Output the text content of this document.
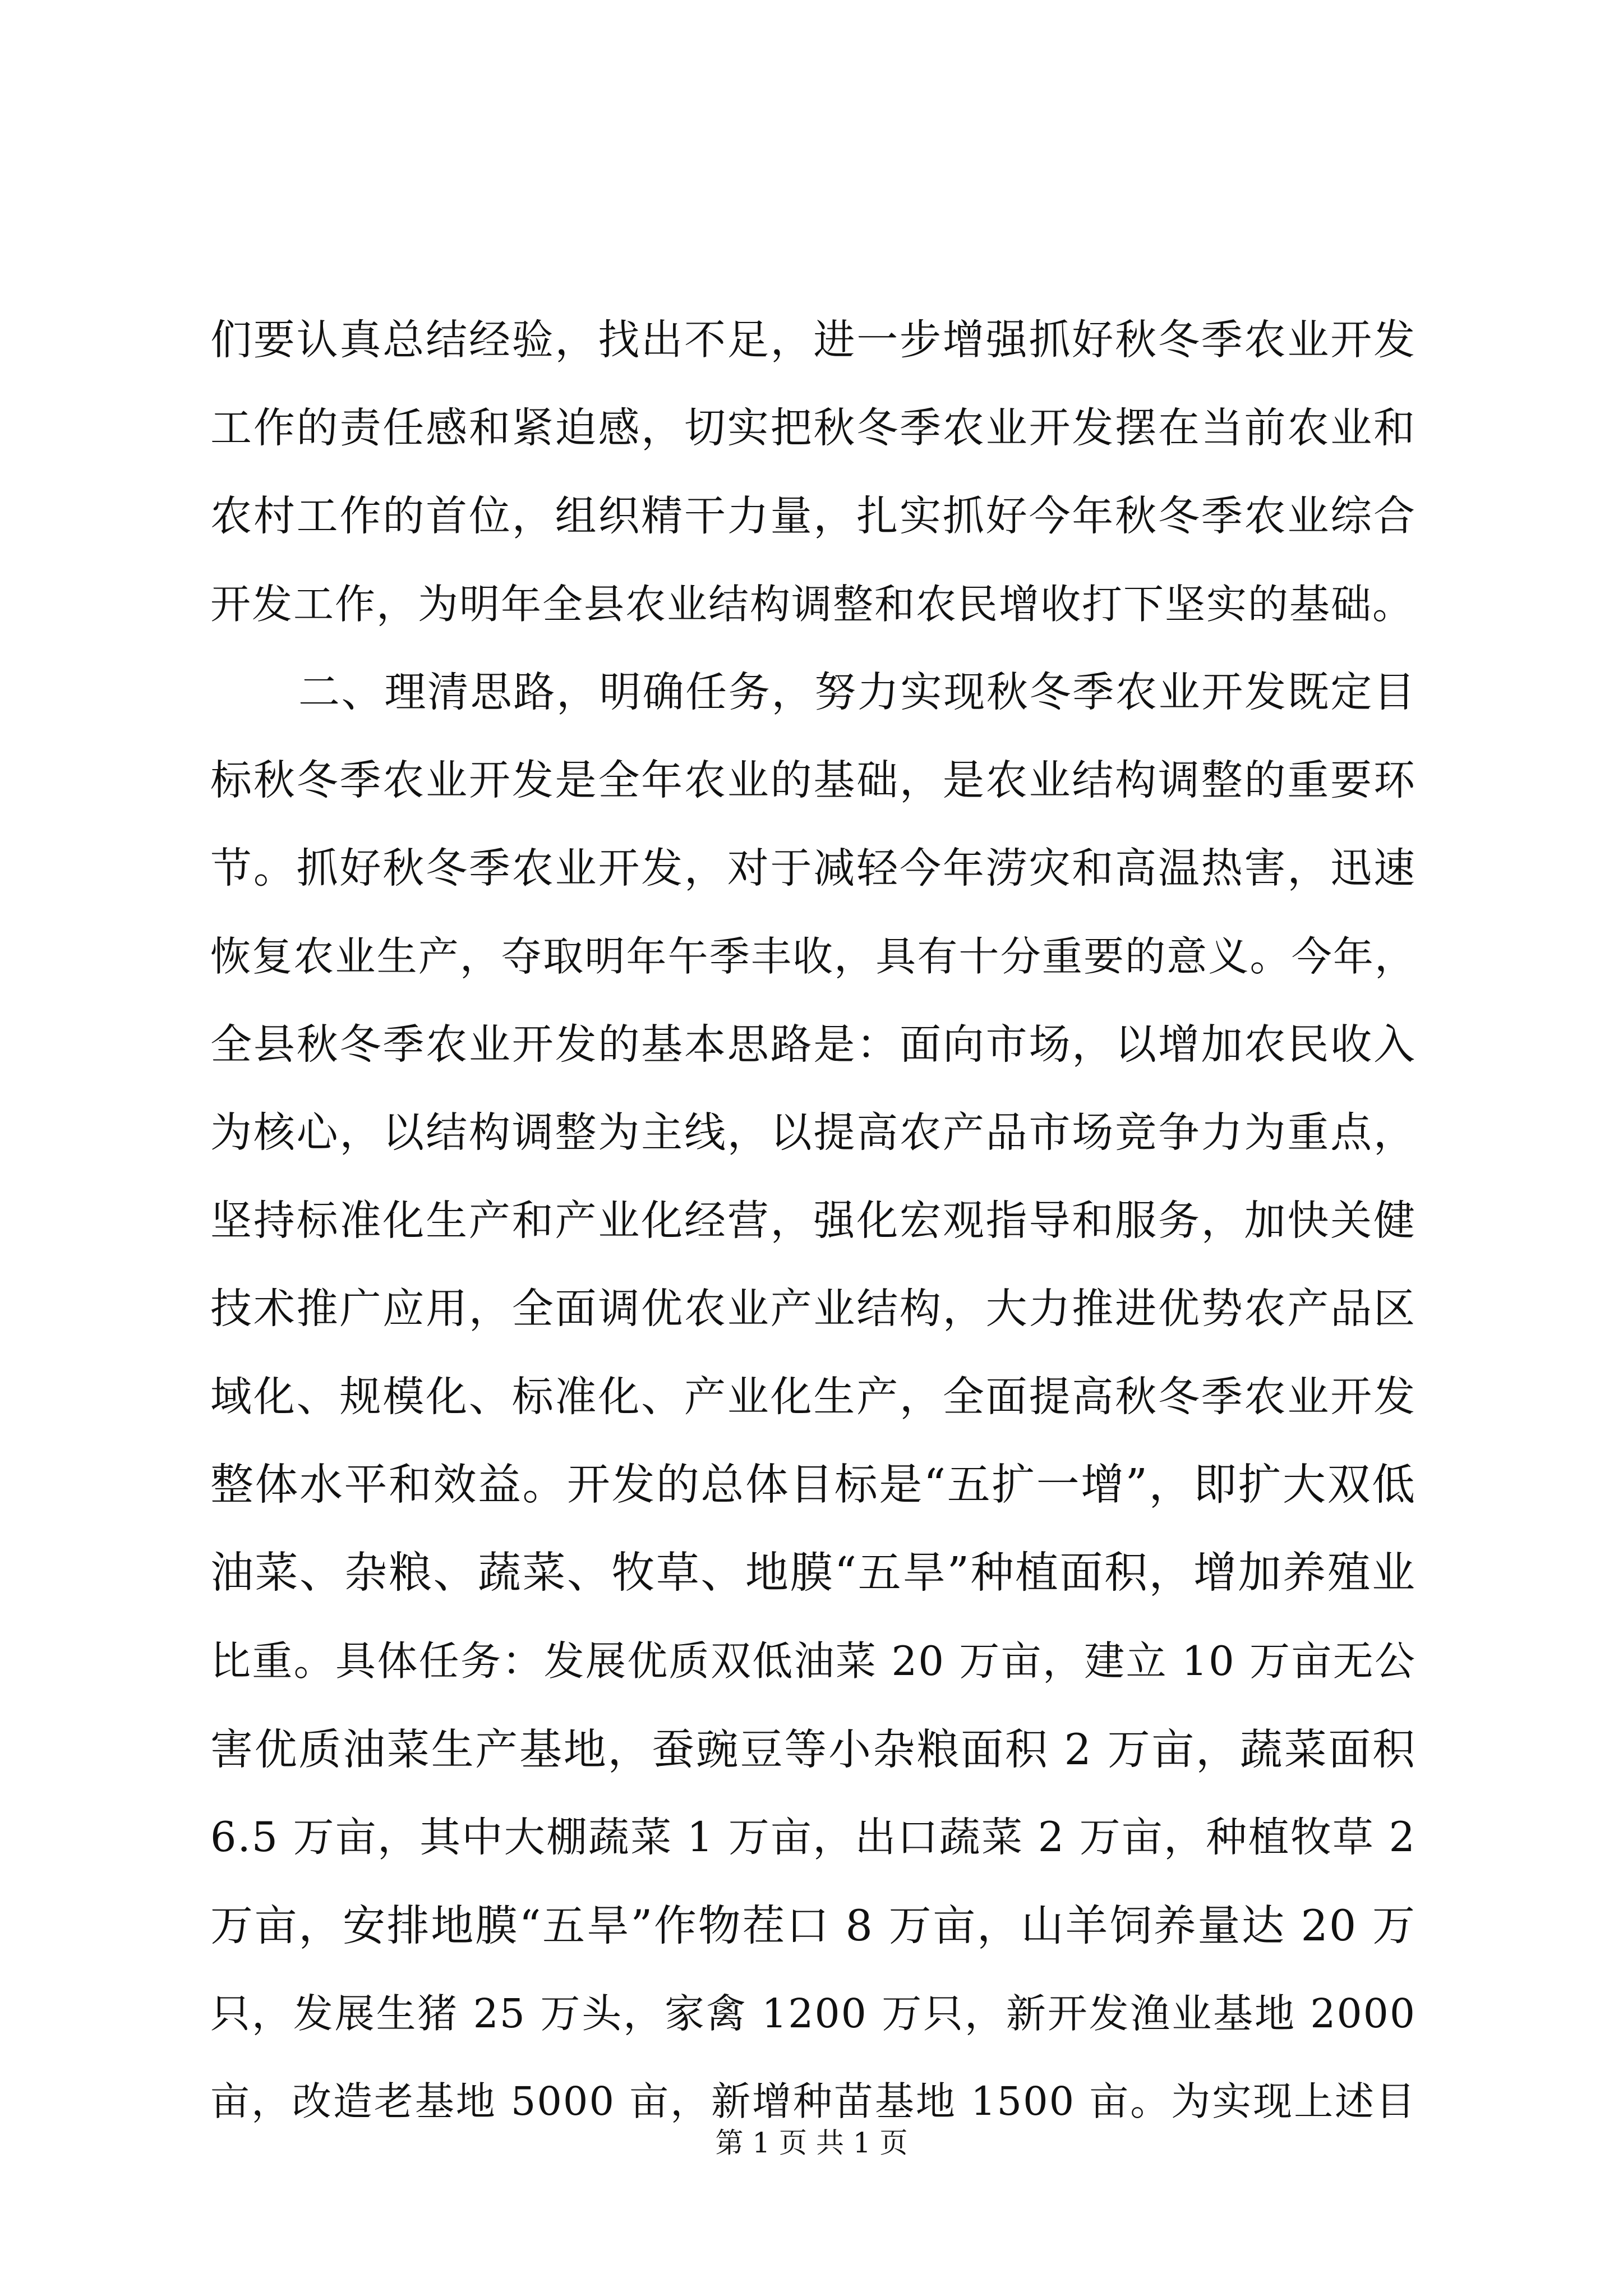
们要认真总结经验，找出不足，进一步增强抓好秋冬季农业开发
工作的责任感和紧迫感，切实把秋冬季农业开发摆在当前农业和
农村工作的首位，组织精干力量，扎实抓好今年秋冬季农业综合
开发工作，为明年全县农业结构调整和农民增收打下坚实的基础。
二、理清思路，明确任务，努力实现秋冬季农业开发既定目
标秋冬季农业开发是全年农业的基础，是农业结构调整的重要环
节。抓好秋冬季农业开发，对于减轻今年涝灾和高温热害，迅速
恢复农业生产，夺取明年午季丰收，具有十分重要的意义。今年，
全县秋冬季农业开发的基本思路是：面向市场，以增加农民收入
为核心，以结构调整为主线，以提高农产品市场竞争力为重点，
坚持标准化生产和产业化经营，强化宏观指导和服务，加快关健
技术推广应用，全面调优农业产业结构，大力推进优势农产品区
域化、规模化、标准化、产业化生产，全面提高秋冬季农业开发
整体水平和效益。开发的总体目标是“五扩一增”，即扩大双低
油菜、杂粮、蔬菜、牧草、地膜“五旱”种植面积，增加养殖业
比重。具体任务：发展优质双低油菜 20 万亩，建立 10 万亩无公
害优质油菜生产基地，蚕豌豆等小杂粮面积 2 万亩，蔬菜面积
6.5 万亩，其中大棚蔬菜 1 万亩，出口蔬菜 2 万亩，种植牧草 2
万亩，安排地膜“五旱”作物茬口 8 万亩，山羊饲养量达 20 万
只，发展生猪 25 万头，家禽 1200 万只，新开发渔业基地 2000
亩，改造老基地 5000 亩，新增种苗基地 1500 亩。为实现上述目
第 1 页 共 1 页
